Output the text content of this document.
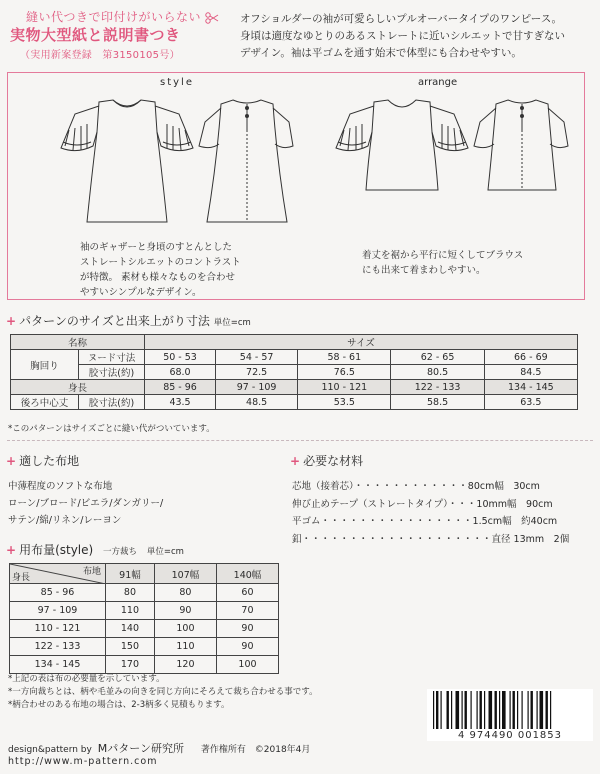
縫い代つきで印付けがいらない
実物大型紙と説明書つき
（実用新案登録　第3150105号）
オフショルダーの袖が可愛らしいプルオーバータイプのワンピース。
身頃は適度なゆとりのあるストレートに近いシルエットで甘すぎない
デザイン。袖は平ゴムを通す始末で体型にも合わせやすい。
style	arrange
袖のギャザーと身頃のすとんとした
ストレートシルエットのコントラスト
が特徴。 素材も様々なものを合わせ
やすいシンプルなデザイン。
着丈を裾から平行に短くしてブラウス
にも出来て着まわしやすい。
+ パターンのサイズと出来上がり寸法 単位=cm
名称		サイズ				
胸回り	ヌード寸法	50 - 53	54 - 57	58 - 61	62 - 65	66 - 69
	胶寸法(約)	68.0	72.5	76.5	80.5	84.5
身長		85 - 96	97 - 109	110 - 121	122 - 133	134 - 145
後ろ中心丈	胶寸法(約)	43.5	48.5	53.5	58.5	63.5
*このパターンはサイズごとに縫い代がついています。
+ 適した布地
中薄程度のソフトな布地
ローン/ブロード/ビエラ/ダンガリー/
サテン/綿/リネン/レーヨン
+ 必要な材料
芯地（接着芯）・・・・・・・・・・・・80cm幅　30cm
伸び止めテープ（ストレートタイプ）・・・10mm幅　90cm
平ゴム・・・・・・・・・・・・・・・・1.5cm幅　約40cm
釦・・・・・・・・・・・・・・・・・・・・直径 13mm　2個
+ 用布量(style) 一方裁ち 単位=cm
布地
身長	91幅	107幅	140幅
85 - 96	80	80	60
97 - 109	110	90	70
110 - 121	140	100	90
122 - 133	150	110	90
134 - 145	170	120	100
*上記の表は布の必要量を示しています。
*一方向裁ちとは、柄や毛並みの向きを同じ方向にそろえて裁ち合わせる事です。
*柄合わせのある布地の場合は、2-3柄多く見積もります。
design&pattern by Mパターン研究所 著作権所有 ©2018年4月
http://www.m-pattern.com
4 974490 001853
